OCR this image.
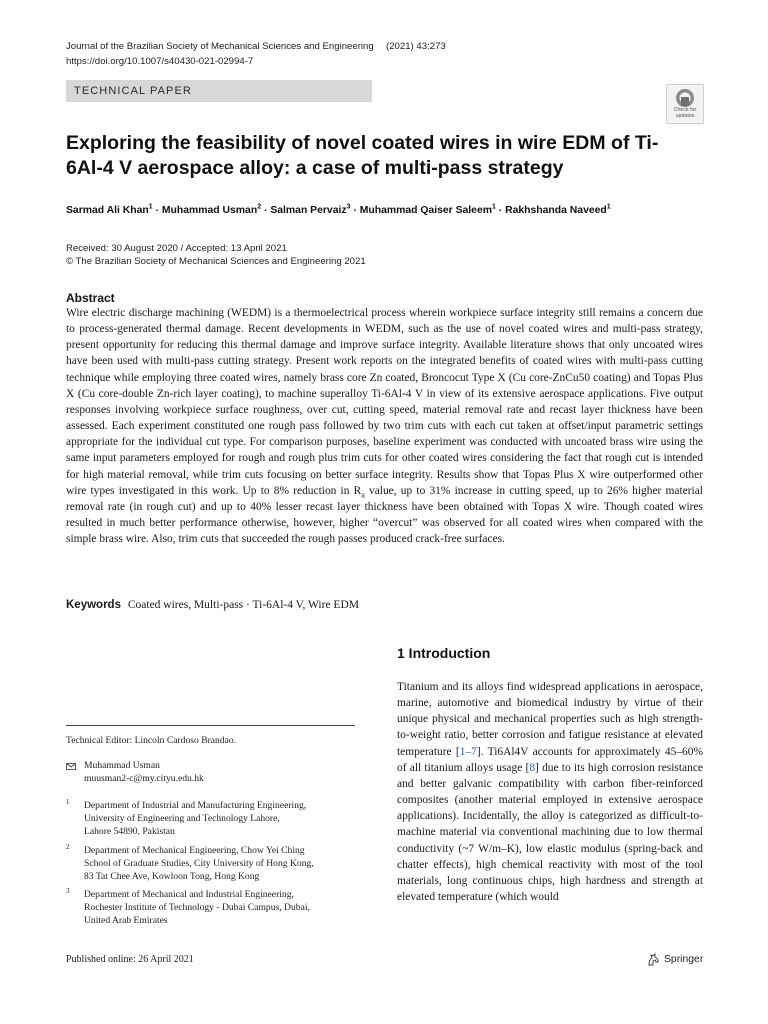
Journal of the Brazilian Society of Mechanical Sciences and Engineering (2021) 43:273
https://doi.org/10.1007/s40430-021-02994-7
TECHNICAL PAPER
Check for
updates
Exploring the feasibility of novel coated wires in wire EDM of Ti-6Al-4 V aerospace alloy: a case of multi-pass strategy
Sarmad Ali Khan$^1$ · Muhammad Usman$^2$ · Salman Pervaiz$^3$ · Muhammad Qaiser Saleem$^1$ · Rakhshanda Naveed$^1$
Received: 30 August 2020 / Accepted: 13 April 2021
© The Brazilian Society of Mechanical Sciences and Engineering 2021
Abstract
Wire electric discharge machining (WEDM) is a thermoelectrical process wherein workpiece surface integrity still remains a concern due to process-generated thermal damage. Recent developments in WEDM, such as the use of novel coated wires and multi-pass strategy, present opportunity for reducing this thermal damage and improve surface integrity. Available literature shows that only uncoated wires have been used with multi-pass cutting strategy. Present work reports on the integrated benefits of coated wires with multi-pass cutting technique while employing three coated wires, namely brass core Zn coated, Broncocut Type X (Cu core-ZnCu50 coating) and Topas Plus X (Cu core-double Zn-rich layer coating), to machine superalloy Ti-6Al-4 V in view of its extensive aerospace applications. Five output responses involving workpiece surface roughness, over cut, cutting speed, material removal rate and recast layer thickness have been assessed. Each experiment constituted one rough pass followed by two trim cuts with each cut taken at offset/input parametric settings appropriate for the individual cut type. For comparison purposes, baseline experiment was conducted with uncoated brass wire using the same input parameters employed for rough and rough plus trim cuts for other coated wires considering the fact that rough cut is intended for high material removal, while trim cuts focusing on better surface integrity. Results show that Topas Plus X wire outperformed other wire types investigated in this work. Up to 8% reduction in $R_a$ value, up to 31% increase in cutting speed, up to 26% higher material removal rate (in rough cut) and up to 40% lesser recast layer thickness have been obtained with Topas X wire. Though coated wires resulted in much better performance otherwise, however, higher “overcut” was observed for all coated wires when compared with the simple brass wire. Also, trim cuts that succeeded the rough passes produced crack-free surfaces.
Keywords Coated wires, Multi-pass · Ti-6Al-4 V, Wire EDM
1 Introduction
Titanium and its alloys find widespread applications in aerospace, marine, automotive and biomedical industry by virtue of their unique physical and mechanical properties such as high strength-to-weight ratio, better corrosion and fatigue resistance at elevated temperature [1–7]. Ti6Al4V accounts for approximately 45–60% of all titanium alloys usage [8] due to its high corrosion resistance and better galvanic compatibility with carbon fiber-reinforced composites (another material employed in extensive aerospace applications). Incidentally, the alloy is categorized as difficult-to-machine material via conventional machining due to low thermal conductivity (~7 W/m–K), low elastic modulus (spring-back and chatter effects), high chemical reactivity with most of the tool materials, long continuous chips, high hardness and strength at elevated temperature (which would
Technical Editor: Lincoln Cardoso Brandao.
Muhammad Usman
muusman2-c@my.cityu.edu.hk
1 Department of Industrial and Manufacturing Engineering,
University of Engineering and Technology Lahore,
Lahore 54890, Pakistan
2 Department of Mechanical Engineering, Chow Yei Ching
School of Graduate Studies, City University of Hong Kong,
83 Tat Chee Ave, Kowloon Tong, Hong Kong
3 Department of Mechanical and Industrial Engineering,
Rochester Institute of Technology - Dubai Campus, Dubai,
United Arab Emirates
Published online: 26 April 2021	Springer
